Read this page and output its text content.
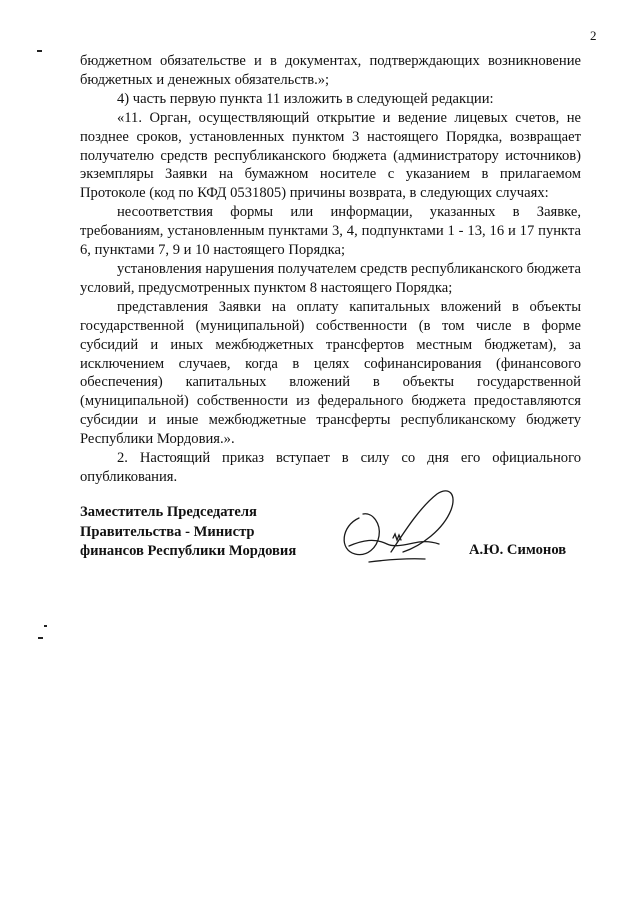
2

бюджетном обязательстве и в документах, подтверждающих возникновение бюджетных и денежных обязательств.»;

4) часть первую пункта 11 изложить в следующей редакции:

«11. Орган, осуществляющий открытие и ведение лицевых счетов, не позднее сроков, установленных пунктом 3 настоящего Порядка, возвращает получателю средств республиканского бюджета (администратору источников) экземпляры Заявки на бумажном носителе с указанием в прилагаемом Протоколе (код по КФД 0531805) причины возврата, в следующих случаях:

несоответствия формы или информации, указанных в Заявке, требованиям, установленным пунктами 3, 4, подпунктами 1 - 13, 16 и 17 пункта 6, пунктами 7, 9 и 10 настоящего Порядка;

установления нарушения получателем средств республиканского бюджета условий, предусмотренных пунктом 8 настоящего Порядка;

представления Заявки на оплату капитальных вложений в объекты государственной (муниципальной) собственности (в том числе в форме субсидий и иных межбюджетных трансфертов местным бюджетам), за исключением случаев, когда в целях софинансирования (финансового обеспечения) капитальных вложений в объекты государственной (муниципальной) собственности из федерального бюджета предоставляются субсидии и иные межбюджетные трансферты республиканскому бюджету Республики Мордовия.».

2. Настоящий приказ вступает в силу со дня его официального опубликования.

Заместитель Председателя
Правительства - Министр
финансов Республики Мордовия	А.Ю. Симонов
